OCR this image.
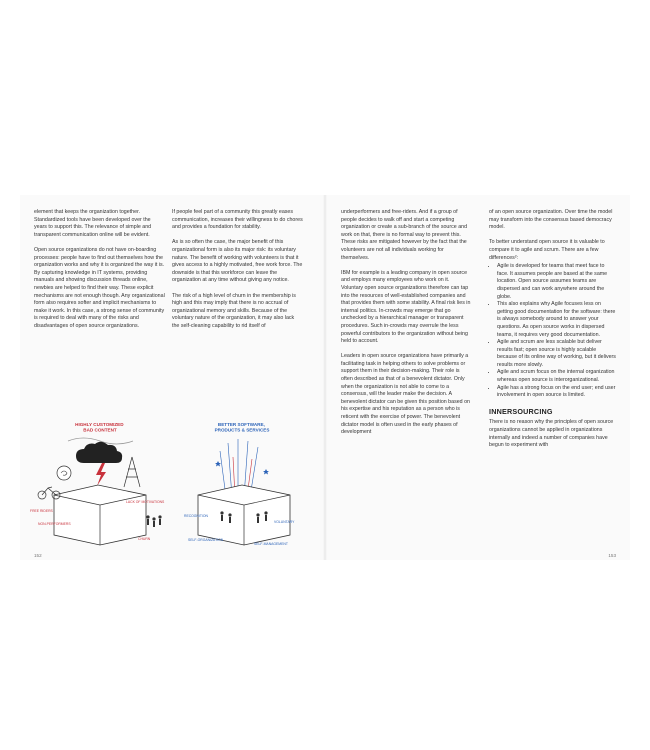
element that keeps the organization together. Standardized tools have been developed over the years to support this. The relevance of simple and transparent communication online will be evident.

Open source organizations do not have on-boarding processes: people have to find out themselves how the organization works and why it is organized the way it is. By capturing knowledge in IT systems, providing manuals and showing discussion threads online, newbies are helped to find their way. These explicit mechanisms are not enough though. Any organizational form also requires softer and implicit mechanisms to make it work. In this case, a strong sense of community is required to deal with many of the risks and disadvantages of open source organizations.

If people feel part of a community this greatly eases communication, increases their willingness to do chores and provides a foundation for stability.

As is so often the case, the major benefit of this organizational form is also its major risk: its voluntary nature. The benefit of working with volunteers is that it gives access to a highly motivated, free work force. The downside is that this workforce can leave the organization at any time without giving any notice.

The risk of a high level of churn in the membership is high and this may imply that there is no accrual of organizational memory and skills. Because of the voluntary nature of the organization, it may also lack the self-cleaning capability to rid itself of

HIGHLY CUSTOMIZED BAD CONTENT
FREE RIDERS
NON-PERFORMERS
LACK OF MOTIVATIONS
CHURN
BETTER SOFTWARE, PRODUCTS & SERVICES
RECOGNITION
VOLUNTARY
SELF-ORGANIZATION
SELF-MANAGEMENT
152

underperformers and free-riders. And if a group of people decides to walk off and start a competing organization or create a sub-branch of the source and work on that, there is no formal way to prevent this. These risks are mitigated however by the fact that the volunteers are not all individuals working for themselves.

IBM for example is a leading company in open source and employs many employees who work on it. Voluntary open source organizations therefore can tap into the resources of well-established companies and that provides them with some stability. A final risk lies in internal politics. In-crowds may emerge that go unchecked by a hierarchical manager or transparent procedures. Such in-crowds may overrule the less powerful contributors to the organization without being held to account.

Leaders in open source organizations have primarily a facilitating task in helping others to solve problems or support them in their decision-making. Their role is often described as that of a benevolent dictator. Only when the organization is not able to come to a consensus, will the leader make the decision. A benevolent dictator can be given this position based on his expertise and his reputation as a person who is reticent with the exercise of power. The benevolent dictator model is often used in the early phases of development

of an open source organization. Over time the model may transform into the consensus based democracy model.

To better understand open source it is valuable to compare it to agile and scrum. There are a few differences²:

• Agile is developed for teams that meet face to face. It assumes people are based at the same location. Open source assumes teams are dispersed and can work anywhere around the globe.
• This also explains why Agile focuses less on getting good documentation for the software: there is always somebody around to answer your questions. As open source works in dispersed teams, it requires very good documentation.
• Agile and scrum are less scalable but deliver results fast; open source is highly scalable because of its online way of working, but it delivers results more slowly.
• Agile and scrum focus on the internal organization whereas open source is interorganizational.
• Agile has a strong focus on the end user; end user involvement in open source is limited.
INNERSOURCING

There is no reason why the principles of open source organizations cannot be applied in organizations internally and indeed a number of companies have begun to experiment with

153
